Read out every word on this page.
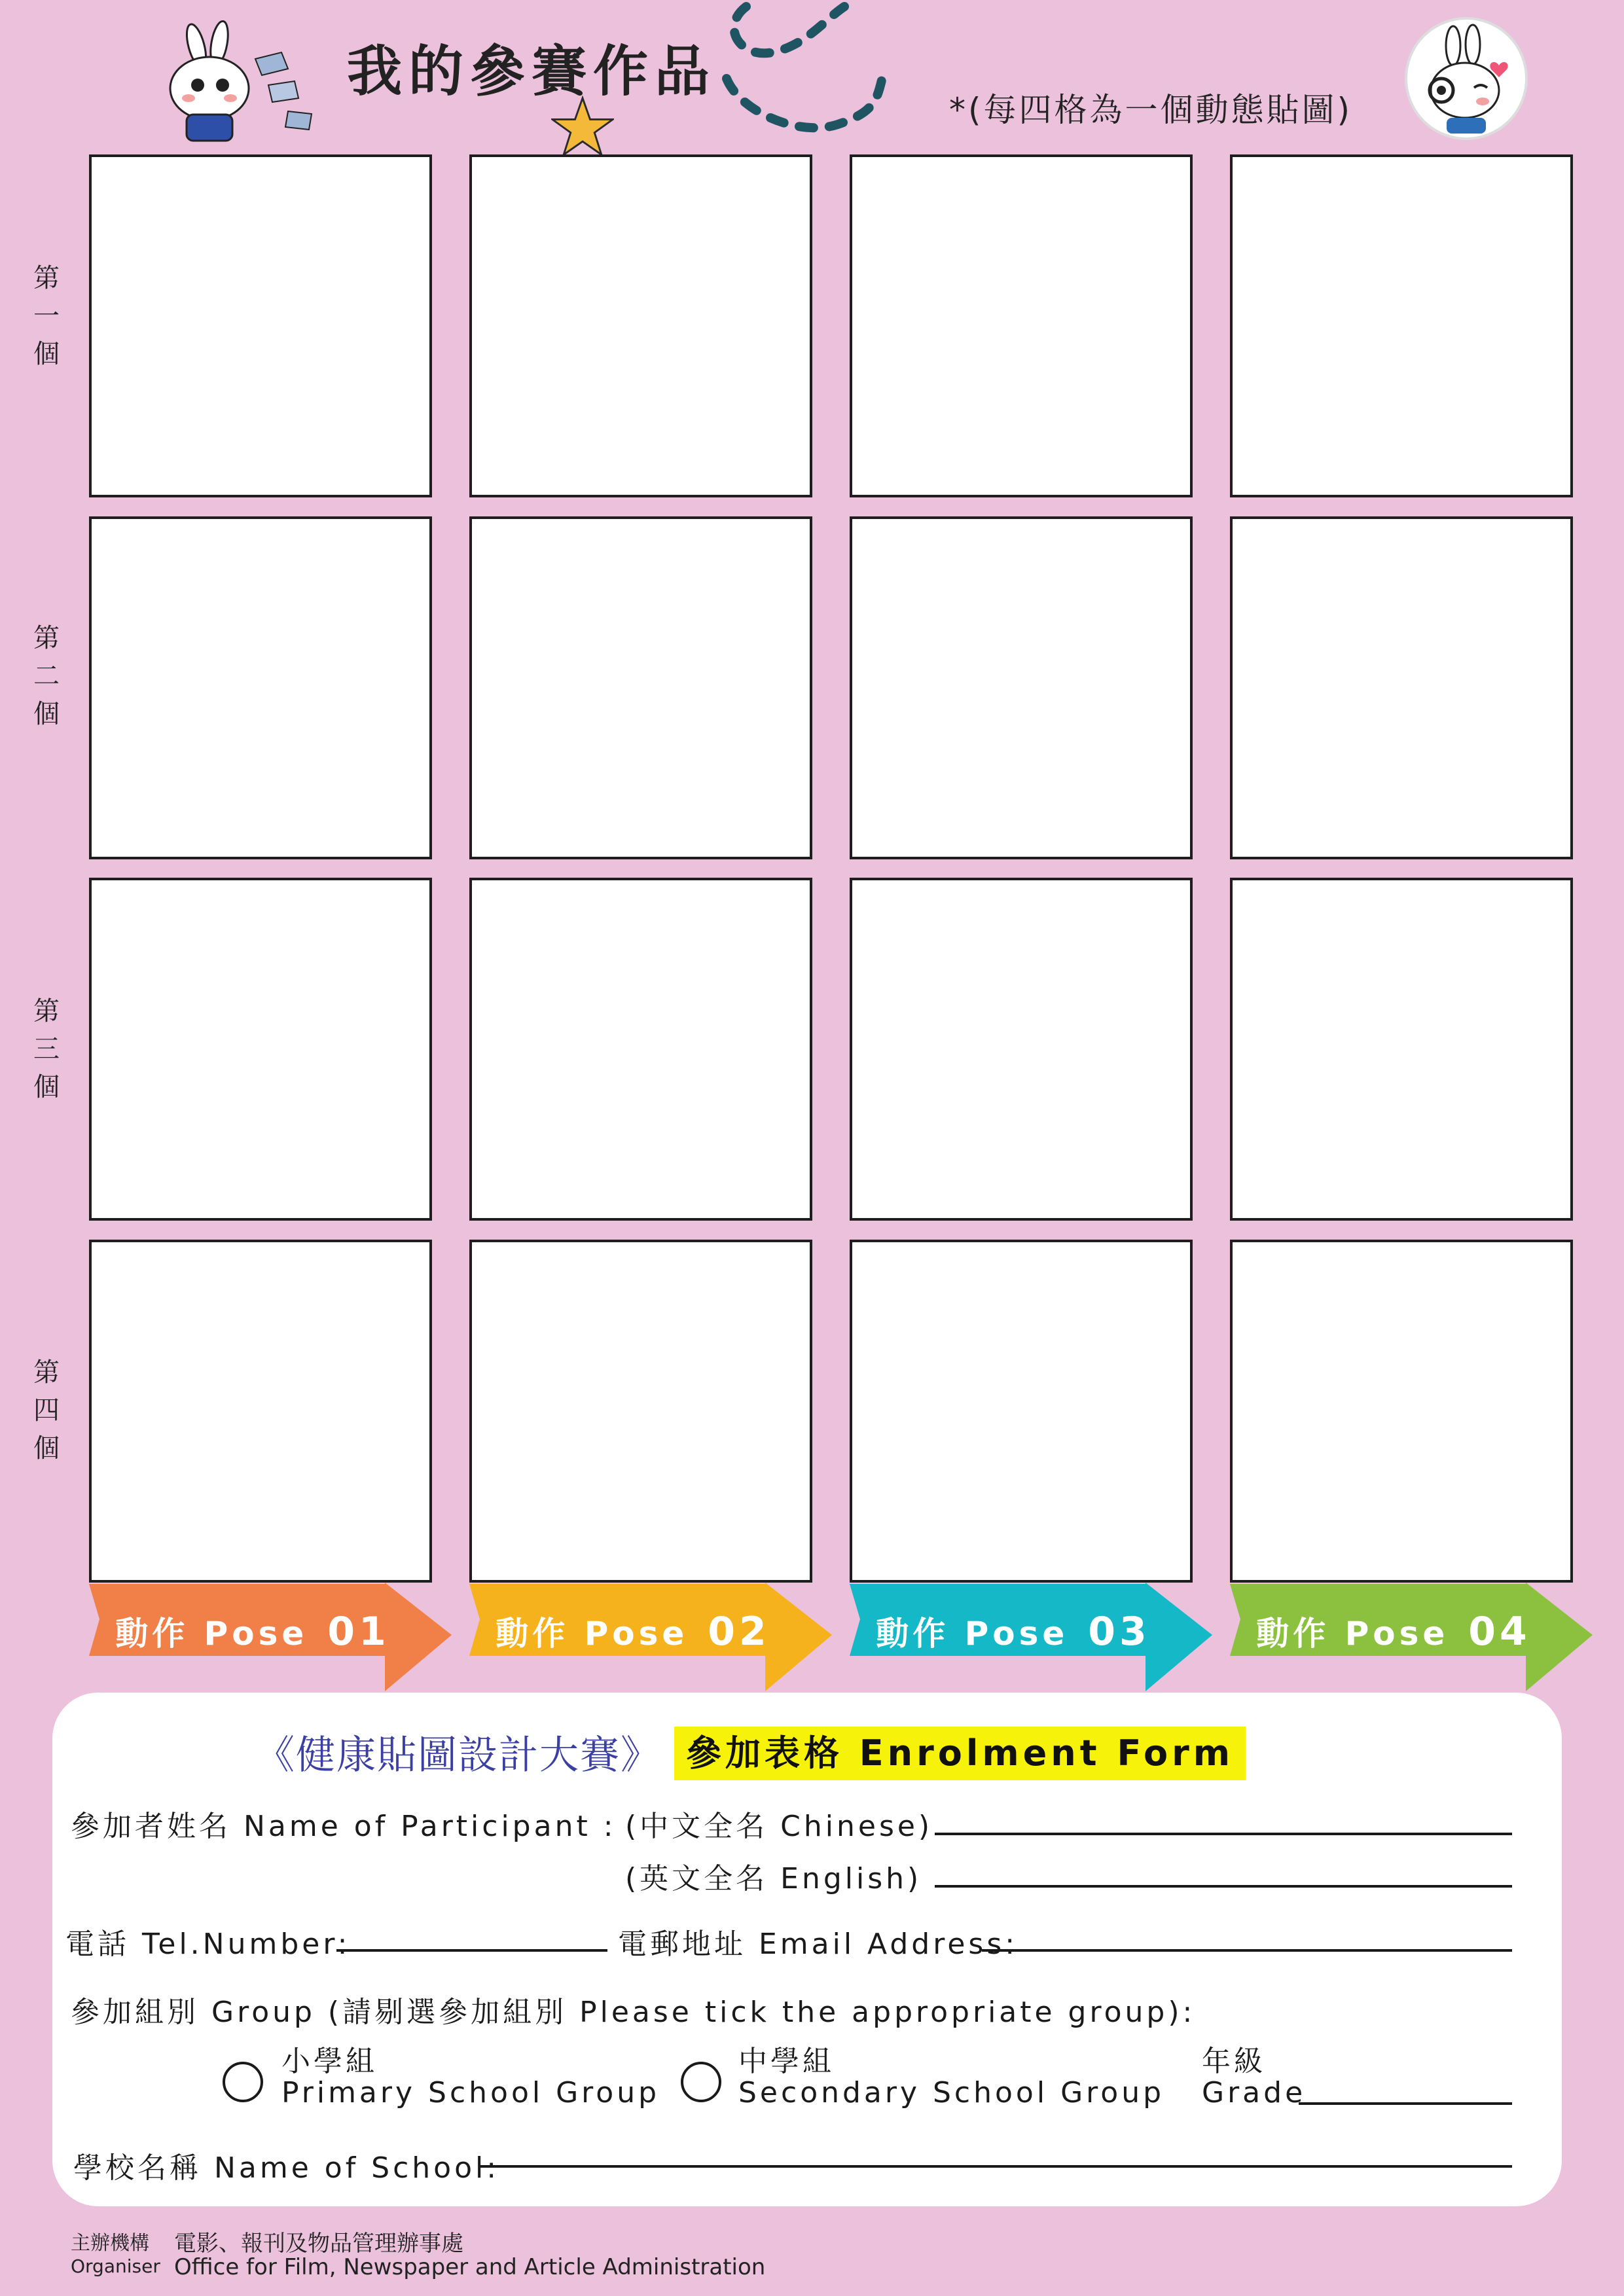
我的參賽作品
*(每四格為一個動態貼圖)
第
一
個
第
二
個
第
三
個
第
四
個
動作 Pose 01	動作 Pose 02	動作 Pose 03	動作 Pose 04
《健康貼圖設計大賽》 參加表格 Enrolment Form
參加者姓名 Name of Participant : (中文全名 Chinese)
(英文全名 English)
電話 Tel.Number:	電郵地址 Email Address:
參加組別 Group (請剔選參加組別 Please tick the appropriate group):
小學組
Primary School Group
中學組
Secondary School Group
年級
Grade
學校名稱 Name of School:
主辦機構
Organiser
電影、報刊及物品管理辦事處
Office for Film, Newspaper and Article Administration
